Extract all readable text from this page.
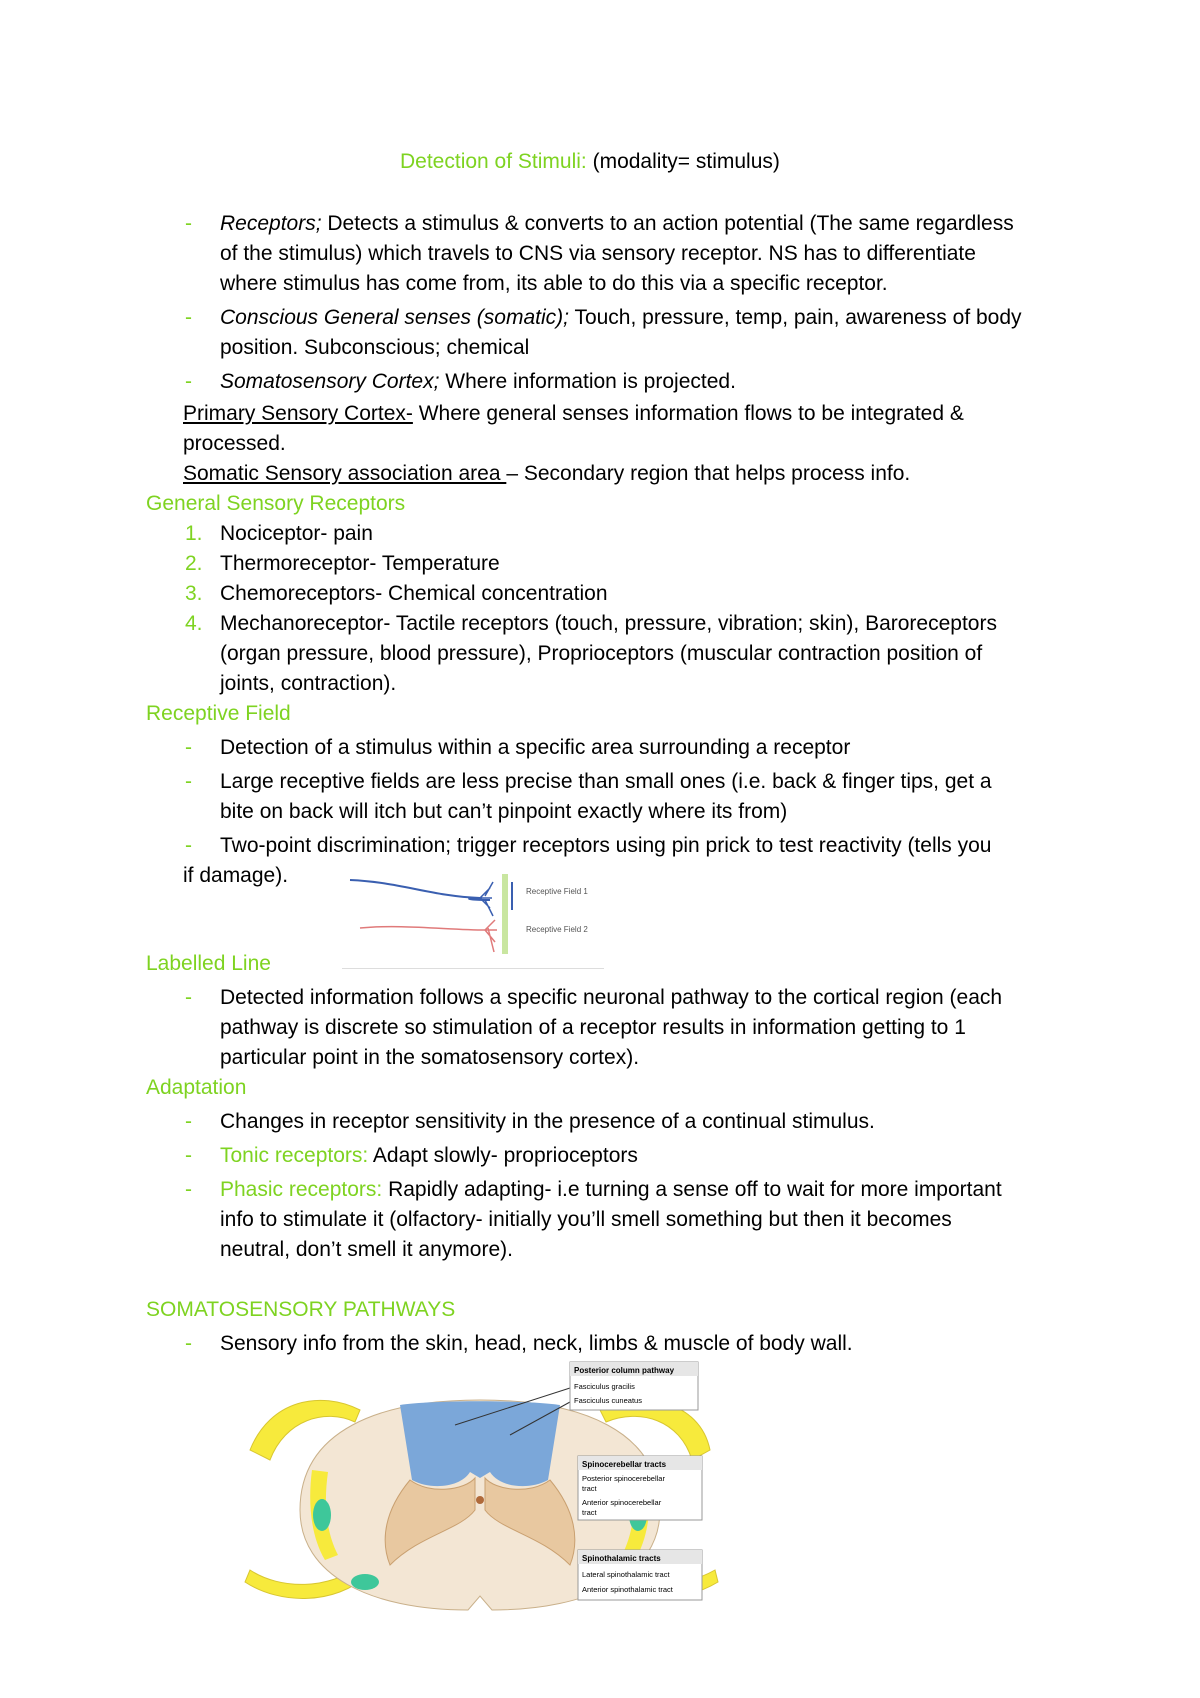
Detection of Stimuli: (modality= stimulus)
- Receptors; Detects a stimulus & converts to an action potential (The same regardless
of the stimulus) which travels to CNS via sensory receptor. NS has to differentiate
where stimulus has come from, its able to do this via a specific receptor.
- Conscious General senses (somatic); Touch, pressure, temp, pain, awareness of body
position. Subconscious; chemical
- Somatosensory Cortex; Where information is projected.
Primary Sensory Cortex- Where general senses information flows to be integrated &
processed.
Somatic Sensory association area – Secondary region that helps process info.
General Sensory Receptors
1. Nociceptor- pain
2. Thermoreceptor- Temperature
3. Chemoreceptors- Chemical concentration
4. Mechanoreceptor- Tactile receptors (touch, pressure, vibration; skin), Baroreceptors
(organ pressure, blood pressure), Proprioceptors (muscular contraction position of
joints, contraction).
Receptive Field
- Detection of a stimulus within a specific area surrounding a receptor
- Large receptive fields are less precise than small ones (i.e. back & finger tips, get a
bite on back will itch but can’t pinpoint exactly where its from)
- Two-point discrimination; trigger receptors using pin prick to test reactivity (tells you
if damage).
Receptive Field 1
Receptive Field 2
Labelled Line
- Detected information follows a specific neuronal pathway to the cortical region (each
pathway is discrete so stimulation of a receptor results in information getting to 1
particular point in the somatosensory cortex).
Adaptation
- Changes in receptor sensitivity in the presence of a continual stimulus.
- Tonic receptors: Adapt slowly- proprioceptors
- Phasic receptors: Rapidly adapting- i.e turning a sense off to wait for more important
info to stimulate it (olfactory- initially you’ll smell something but then it becomes
neutral, don’t smell it anymore).
SOMATOSENSORY PATHWAYS
- Sensory info from the skin, head, neck, limbs & muscle of body wall.
Posterior column pathway
Fasciculus gracilis
Fasciculus cuneatus
Spinocerebellar tracts
Posterior spinocerebellar
tract
Anterior spinocerebellar
tract
Spinothalamic tracts
Lateral spinothalamic tract
Anterior spinothalamic tract
